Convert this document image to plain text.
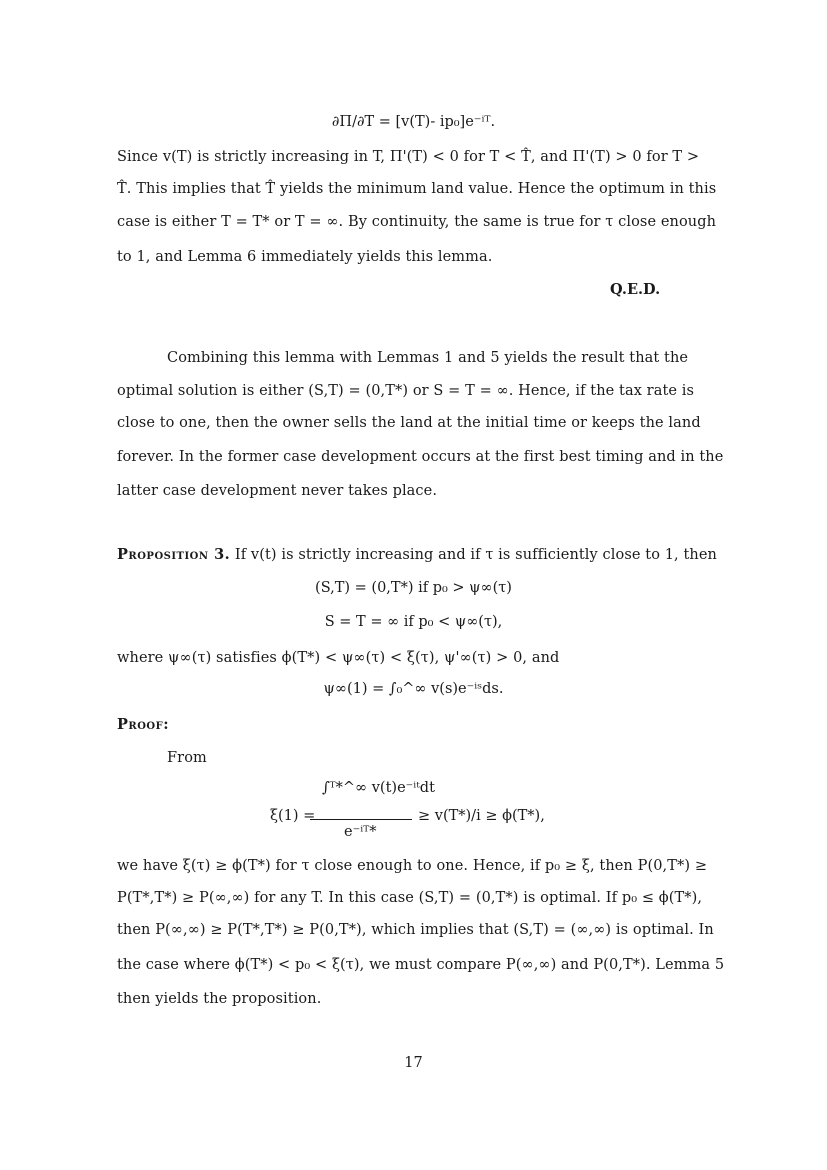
∂Π/∂T = [v(T)- ip₀]e⁻ⁱᵀ.
Since v(T) is strictly increasing in T, Π'(T) < 0 for T < T̂, and Π'(T) > 0 for T >
T̂. This implies that T̂ yields the minimum land value. Hence the optimum in this
case is either T = T* or T = ∞. By continuity, the same is true for τ close enough
to 1, and Lemma 6 immediately yields this lemma.
Q.E.D.
Combining this lemma with Lemmas 1 and 5 yields the result that the
optimal solution is either (S,T) = (0,T*) or S = T = ∞. Hence, if the tax rate is
close to one, then the owner sells the land at the initial time or keeps the land
forever. In the former case development occurs at the first best timing and in the
latter case development never takes place.
Proposition 3. If v(t) is strictly increasing and if τ is sufficiently close to 1, then
(S,T) = (0,T*) if p₀ > ψ∞(τ)
S = T = ∞ if p₀ < ψ∞(τ),
where ψ∞(τ) satisfies ϕ(T*) < ψ∞(τ) < ξ(τ), ψ'∞(τ) > 0, and
ψ∞(1) = ∫₀^∞ v(s)e⁻ⁱˢds.
Proof:
From
ξ(1) =
∫ᵀ*^∞ v(t)e⁻ⁱᵗdt
e⁻ⁱᵀ*
≥ v(T*)/i ≥ ϕ(T*),
we have ξ(τ) ≥ ϕ(T*) for τ close enough to one. Hence, if p₀ ≥ ξ, then P(0,T*) ≥
P(T*,T*) ≥ P(∞,∞) for any T. In this case (S,T) = (0,T*) is optimal. If p₀ ≤ ϕ(T*),
then P(∞,∞) ≥ P(T*,T*) ≥ P(0,T*), which implies that (S,T) = (∞,∞) is optimal. In
the case where ϕ(T*) < p₀ < ξ(τ), we must compare P(∞,∞) and P(0,T*). Lemma 5
then yields the proposition.
17
